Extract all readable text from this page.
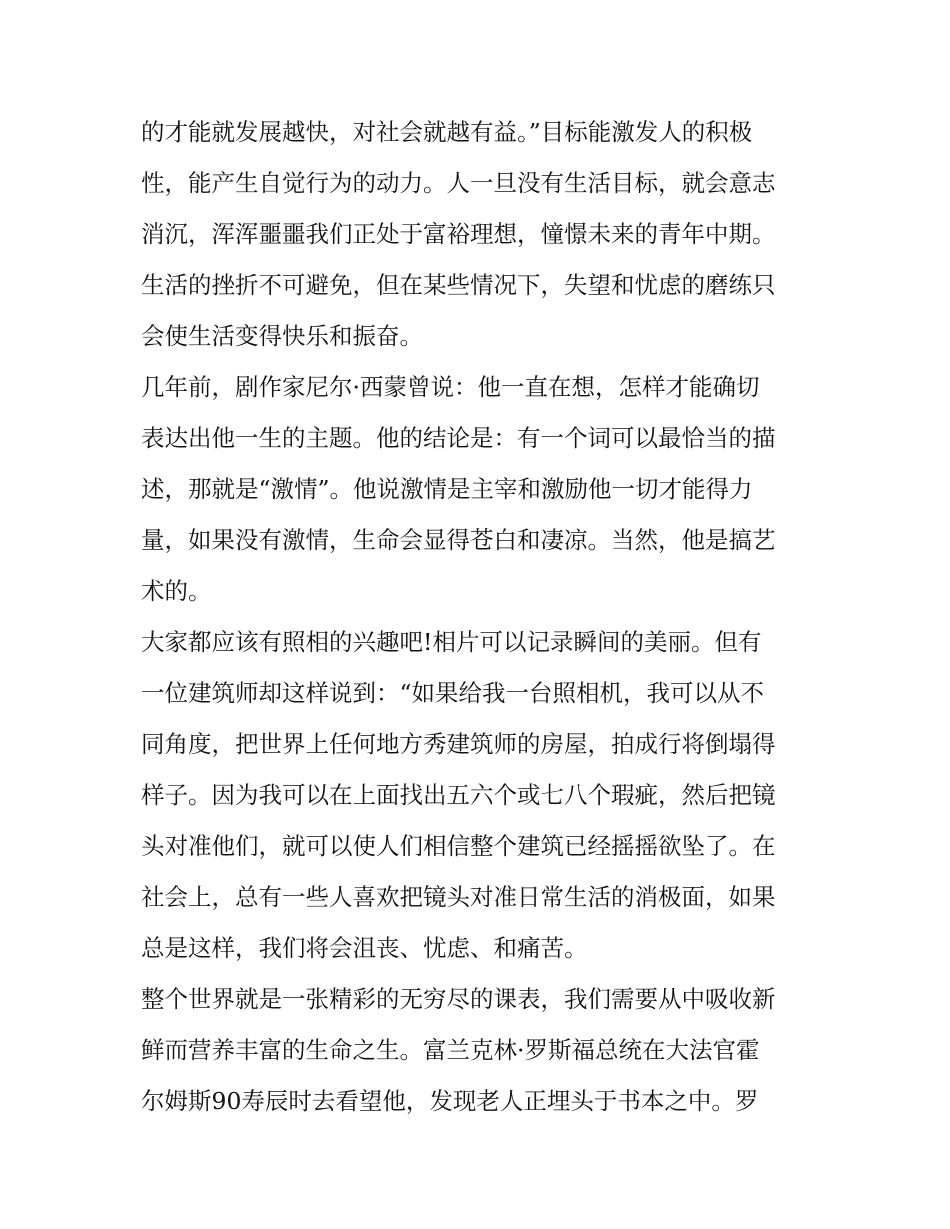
的才能就发展越快，对社会就越有益。”目标能激发人的积极
性，能产生自觉行为的动力。人一旦没有生活目标，就会意志
消沉，浑浑噩噩我们正处于富裕理想，憧憬未来的青年中期。
生活的挫折不可避免，但在某些情况下，失望和忧虑的磨练只
会使生活变得快乐和振奋。
几年前，剧作家尼尔·西蒙曾说：他一直在想，怎样才能确切
表达出他一生的主题。他的结论是：有一个词可以最恰当的描
述，那就是“激情”。他说激情是主宰和激励他一切才能得力
量，如果没有激情，生命会显得苍白和凄凉。当然，他是搞艺
术的。
大家都应该有照相的兴趣吧!相片可以记录瞬间的美丽。但有
一位建筑师却这样说到：“如果给我一台照相机，我可以从不
同角度，把世界上任何地方秀建筑师的房屋，拍成行将倒塌得
样子。因为我可以在上面找出五六个或七八个瑕疵，然后把镜
头对准他们，就可以使人们相信整个建筑已经摇摇欲坠了。在
社会上，总有一些人喜欢把镜头对准日常生活的消极面，如果
总是这样，我们将会沮丧、忧虑、和痛苦。
整个世界就是一张精彩的无穷尽的课表，我们需要从中吸收新
鲜而营养丰富的生命之生。富兰克林·罗斯福总统在大法官霍
尔姆斯90寿辰时去看望他，发现老人正埋头于书本之中。罗
